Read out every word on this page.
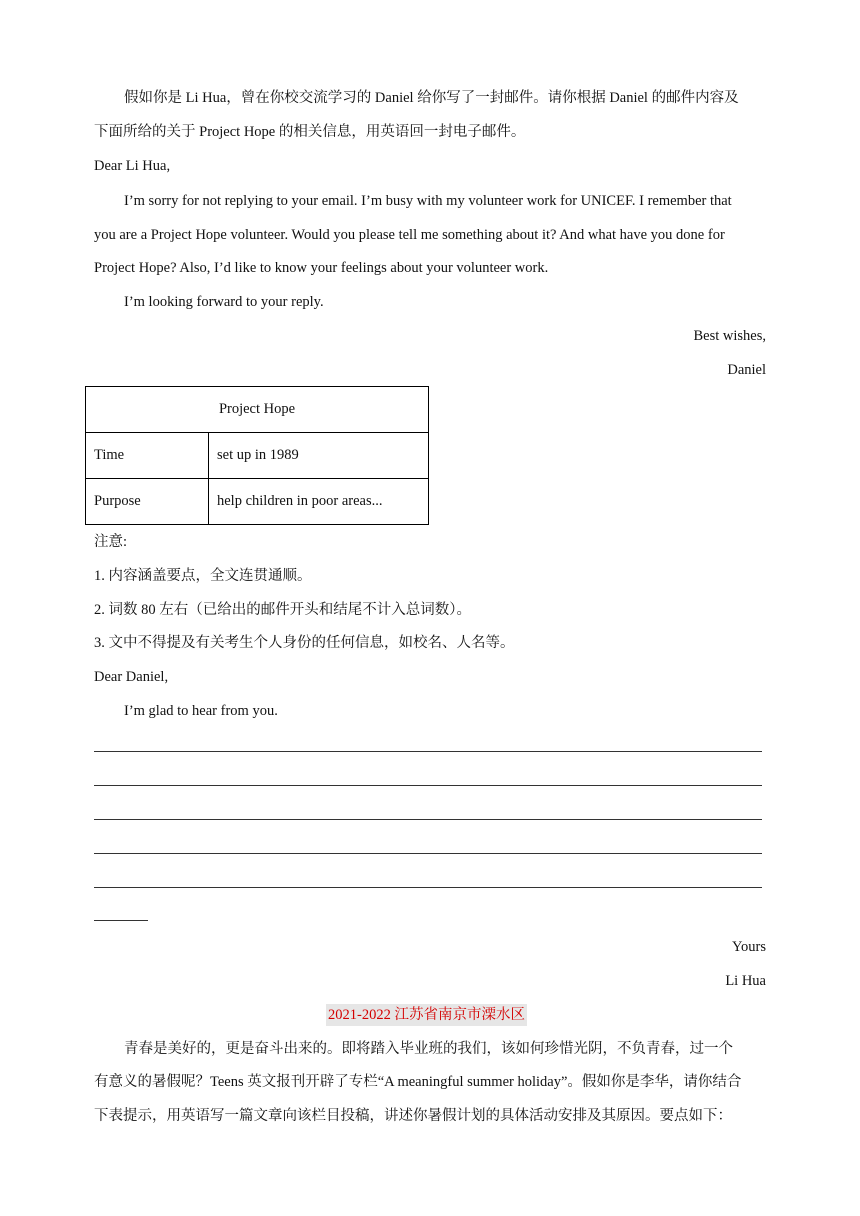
假如你是 Li Hua，曾在你校交流学习的 Daniel 给你写了一封邮件。请你根据 Daniel 的邮件内容及
下面所给的关于 Project Hope 的相关信息，用英语回一封电子邮件。
Dear Li Hua,
I’m sorry for not replying to your email. I’m busy with my volunteer work for UNICEF. I remember that
you are a Project Hope volunteer. Would you please tell me something about it? And what have you done for
Project Hope? Also, I’d like to know your feelings about your volunteer work.
I’m looking forward to your reply.
Best wishes,
Daniel
Project Hope	
Time	set up in 1989
Purpose	help children in poor areas...
注意:
1. 内容涵盖要点，全文连贯通顺。
2. 词数 80 左右（已给出的邮件开头和结尾不计入总词数）。
3. 文中不得提及有关考生个人身份的任何信息，如校名、人名等。
Dear Daniel,
I’m glad to hear from you.
Yours
Li Hua
2021-2022 江苏省南京市溧水区
青春是美好的，更是奋斗出来的。即将踏入毕业班的我们，该如何珍惜光阴，不负青春，过一个
有意义的暑假呢？Teens 英文报刊开辟了专栏“A meaningful summer holiday”。假如你是李华，请你结合
下表提示，用英语写一篇文章向该栏目投稿，讲述你暑假计划的具体活动安排及其原因。要点如下：
